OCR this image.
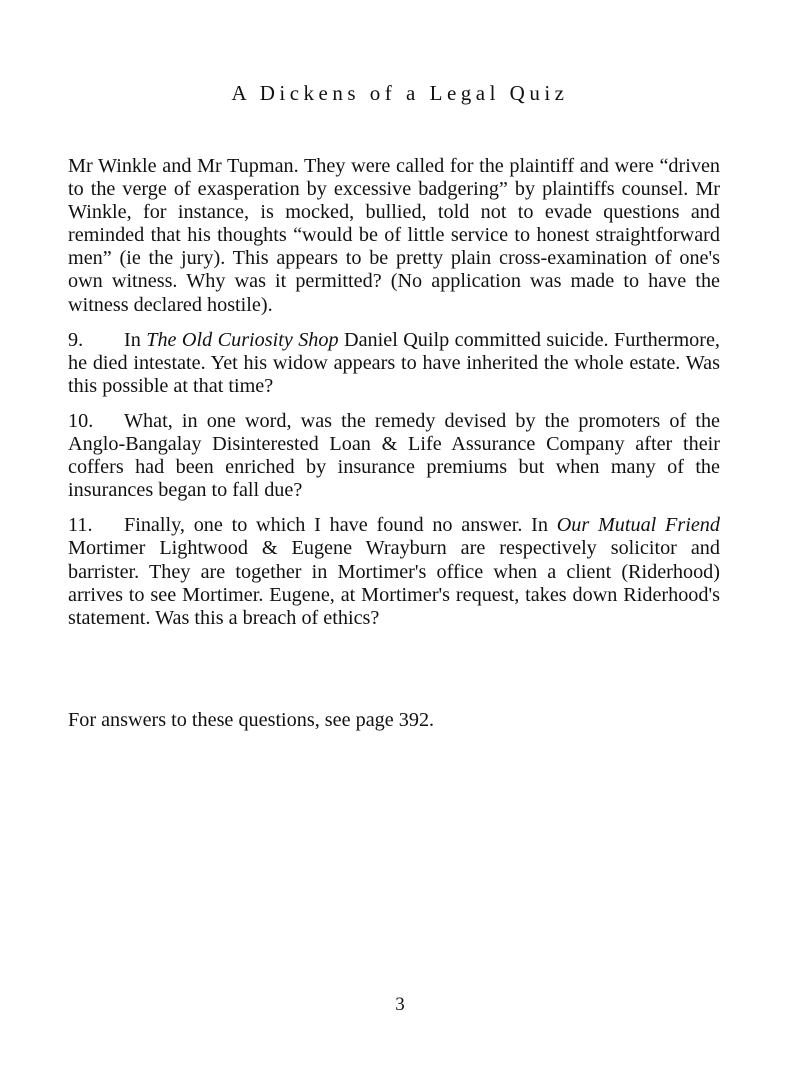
A Dickens of a Legal Quiz

Mr Winkle and Mr Tupman. They were called for the plaintiff and were “driven to the verge of exasperation by excessive badgering” by plaintiffs counsel. Mr Winkle, for instance, is mocked, bullied, told not to evade questions and reminded that his thoughts “would be of little service to honest straightforward men” (ie the jury). This appears to be pretty plain cross-examination of one's own witness. Why was it permitted? (No application was made to have the witness declared hostile).

9. In The Old Curiosity Shop Daniel Quilp committed suicide. Furthermore, he died intestate. Yet his widow appears to have inherited the whole estate. Was this possible at that time?

10. What, in one word, was the remedy devised by the promoters of the Anglo-Bangalay Disinterested Loan & Life Assurance Company after their coffers had been enriched by insurance premiums but when many of the insurances began to fall due?

11. Finally, one to which I have found no answer. In Our Mutual Friend Mortimer Lightwood & Eugene Wrayburn are respectively solicitor and barrister. They are together in Mortimer's office when a client (Riderhood) arrives to see Mortimer. Eugene, at Mortimer's request, takes down Riderhood's statement. Was this a breach of ethics?

For answers to these questions, see page 392.
3
